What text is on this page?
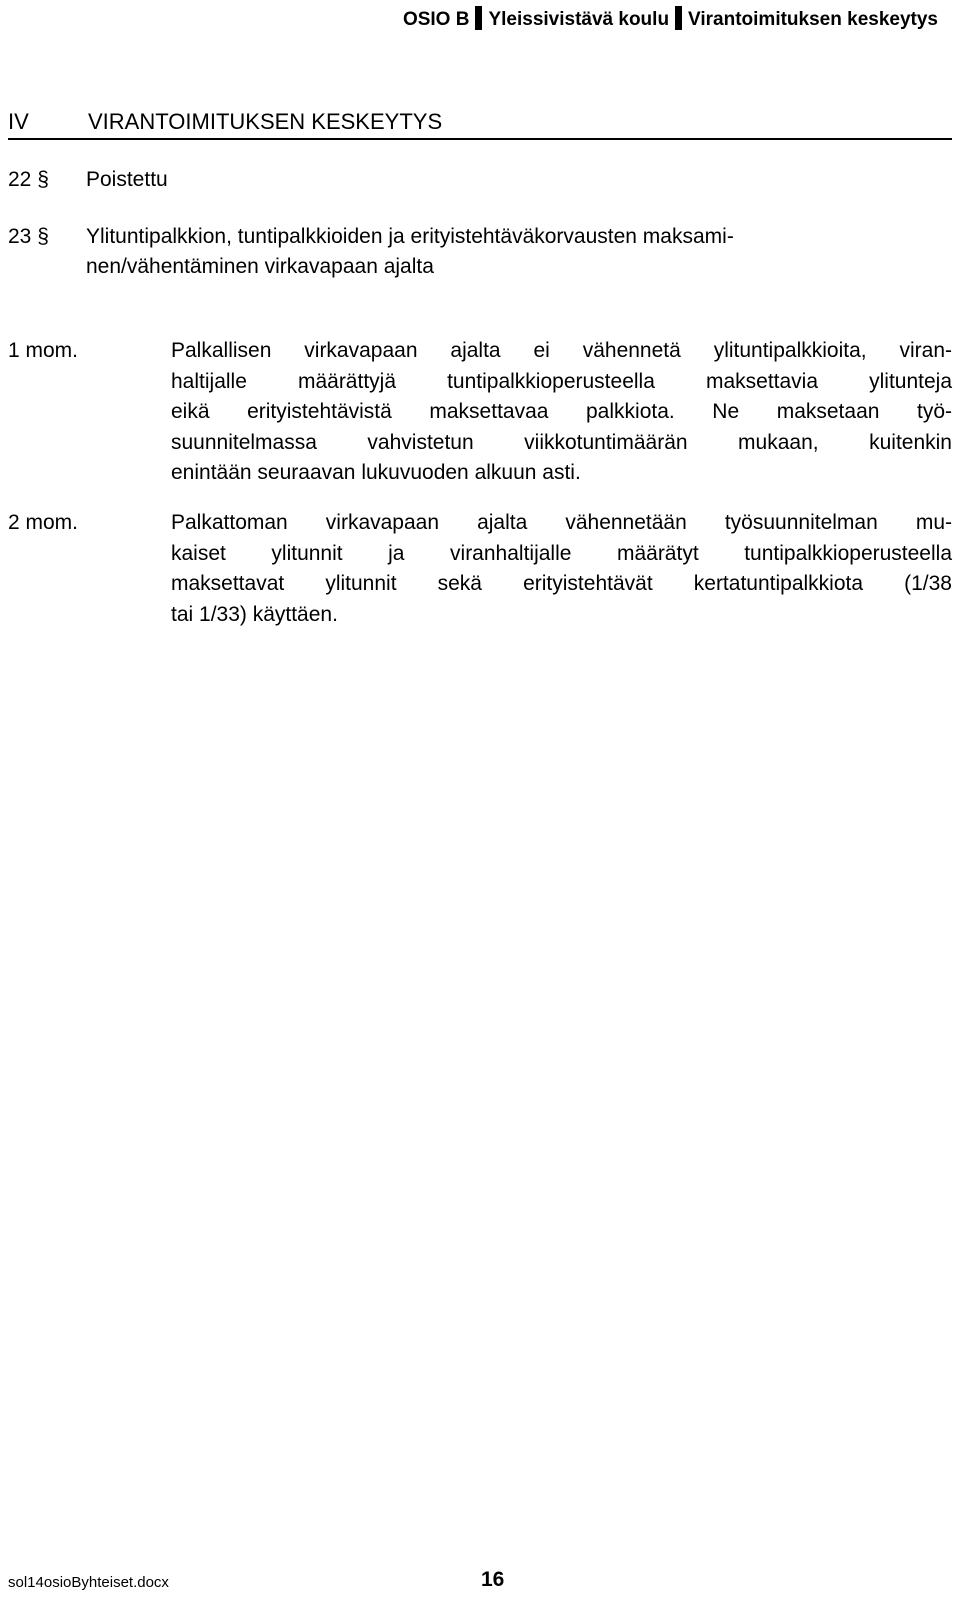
OSIO B Yleissivistävä koulu Virantoimituksen keskeytys
IV	VIRANTOIMITUKSEN KESKEYTYS
22 § Poistettu
23 § Ylituntipalkkion, tuntipalkkioiden ja erityistehtäväkorvausten maksami-
nen/vähentäminen virkavapaan ajalta
1 mom.	Palkallisen virkavapaan ajalta ei vähennetä ylituntipalkkioita, viran-
haltijalle määrättyjä tuntipalkkioperusteella maksettavia ylitunteja
eikä erityistehtävistä maksettavaa palkkiota. Ne maksetaan työ-
suunnitelmassa vahvistetun viikkotuntimäärän mukaan, kuitenkin
enintään seuraavan lukuvuoden alkuun asti.
2 mom.	Palkattoman virkavapaan ajalta vähennetään työsuunnitelman mu-
kaiset ylitunnit ja viranhaltijalle määrätyt tuntipalkkioperusteella
maksettavat ylitunnit sekä erityistehtävät kertatuntipalkkiota (1/38
tai 1/33) käyttäen.
sol14osioByhteiset.docx	16
